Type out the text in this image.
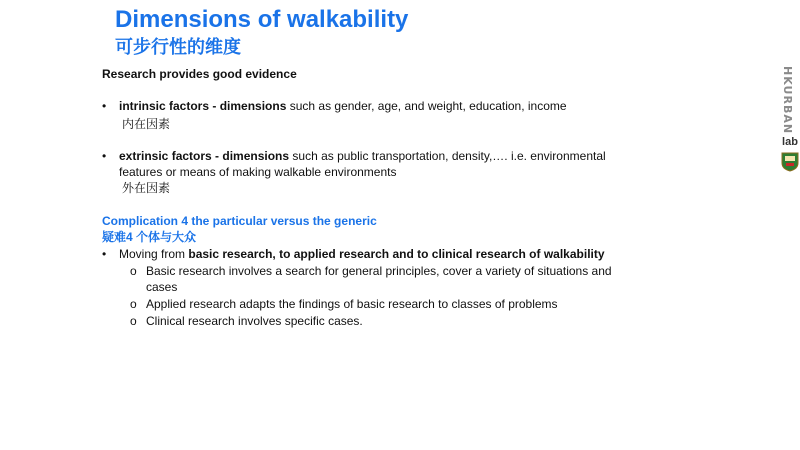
Dimensions of walkability
可步行性的维度
Research provides good evidence
•	intrinsic factors - dimensions such as gender, age, and weight, education, income
内在因素
•	extrinsic factors - dimensions such as public transportation, density,…. i.e. environmental features or means of making walkable environments
外在因素
Complication 4 the particular versus the generic
疑难4 个体与大众
•	Moving from basic research, to applied research and to clinical research of walkability
o Basic research involves a search for general principles, cover a variety of situations and cases
o Applied research adapts the findings of basic research to classes of problems
o Clinical research involves specific cases.
HKURBAN
lab
